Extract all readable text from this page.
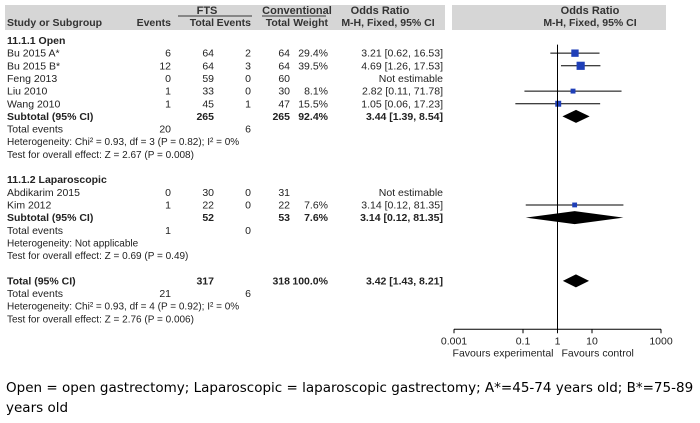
FTS	Conventional Odds Ratio	Odds Ratio
Study or Subgroup	Events Total Events Total Weight M-H, Fixed, 95% CI	M-H, Fixed, 95% CI
11.1.1 Open
Bu 2015 A*	6	64	2	64 29.4%	3.21 [0.62, 16.53]
Bu 2015 B*	12	64	3	64 39.5%	4.69 [1.26, 17.53]
Feng 2013	0	59	0	60	Not estimable
Liu 2010	1	33	0	30 8.1%	2.82 [0.11, 71.78]
Wang 2010	1	45	1	47 15.5%	1.05 [0.06, 17.23]
Subtotal (95% CI)	265	265 92.4%	3.44 [1.39, 8.54]
Total events	20	6
Heterogeneity: Chi² = 0.93, df = 3 (P = 0.82); I² = 0%
Test for overall effect: Z = 2.67 (P = 0.008)
11.1.2 Laparoscopic
Abdikarim 2015	0	30	0	31	Not estimable
Kim 2012	1	22	0	22 7.6%	3.14 [0.12, 81.35]
Subtotal (95% CI)	52	53 7.6%	3.14 [0.12, 81.35]
Total events	1	0
Heterogeneity: Not applicable
Test for overall effect: Z = 0.69 (P = 0.49)
Total (95% CI)	317	318 100.0%	3.42 [1.43, 8.21]
Total events	21	6
Heterogeneity: Chi² = 0.93, df = 4 (P = 0.92); I² = 0%
Test for overall effect: Z = 2.76 (P = 0.006)
0.001	0.1 1 10	1000
Favours experimental Favours control
Open = open gastrectomy; Laparoscopic = laparoscopic gastrectomy; A*=45-74 years old; B*=75-89 years old
